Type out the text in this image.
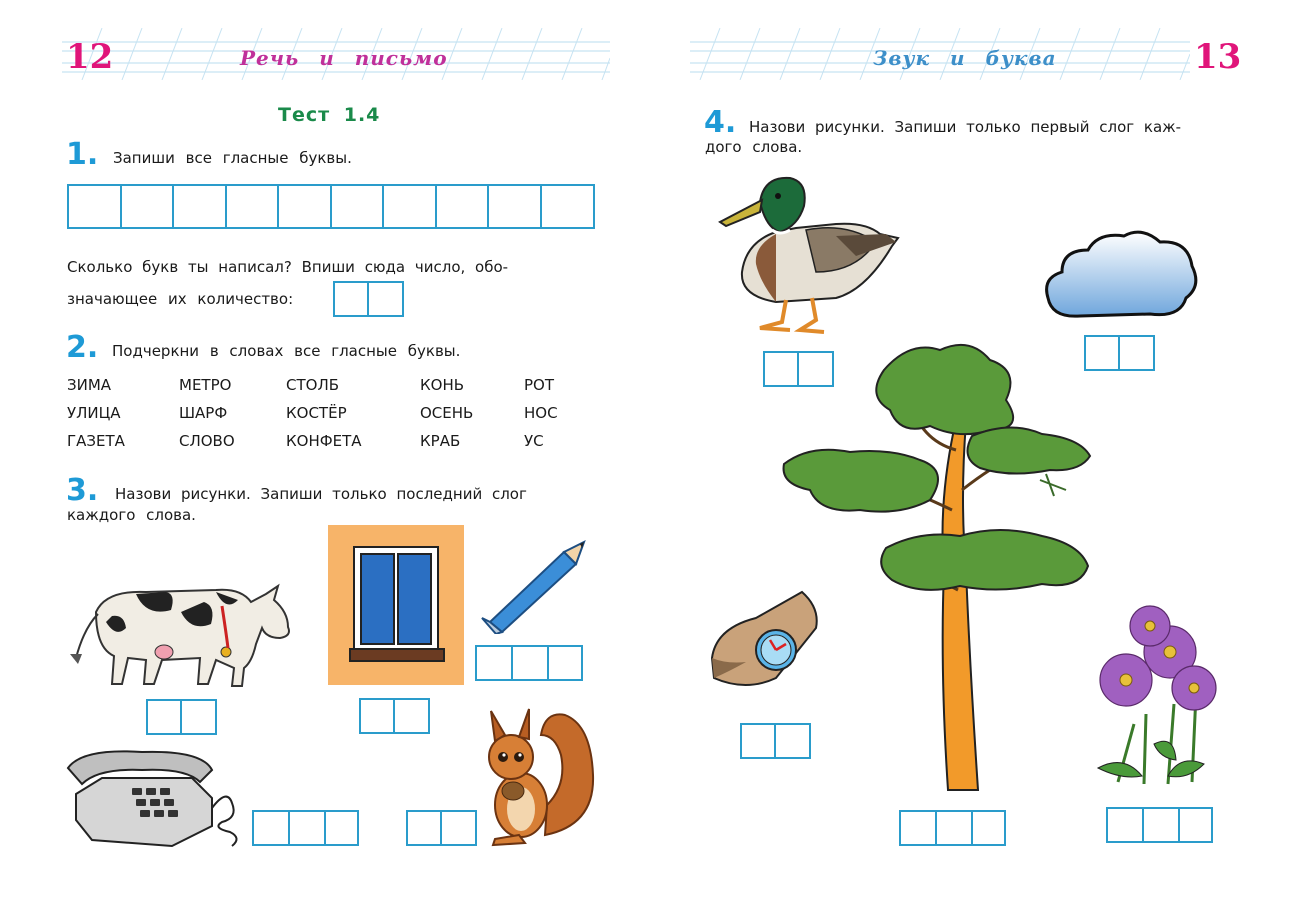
12	Речь и письмо
Тест 1.4
1. Запиши все гласные буквы.
Сколько букв ты написал? Впиши сюда число, обо-
значающее их количество:
2. Подчеркни в словах все гласные буквы.
ЗИМА	МЕТРО	СТОЛБ	КОНЬ	РОТ
УЛИЦА	ШАРФ	КОСТЁР	ОСЕНЬ	НОС
ГАЗЕТА	СЛОВО	КОНФЕТА	КРАБ	УС
3. Назови рисунки. Запиши только последний слог
каждого слова.
Звук и буква	13
4. Назови рисунки. Запиши только первый слог каж-
дого слова.
